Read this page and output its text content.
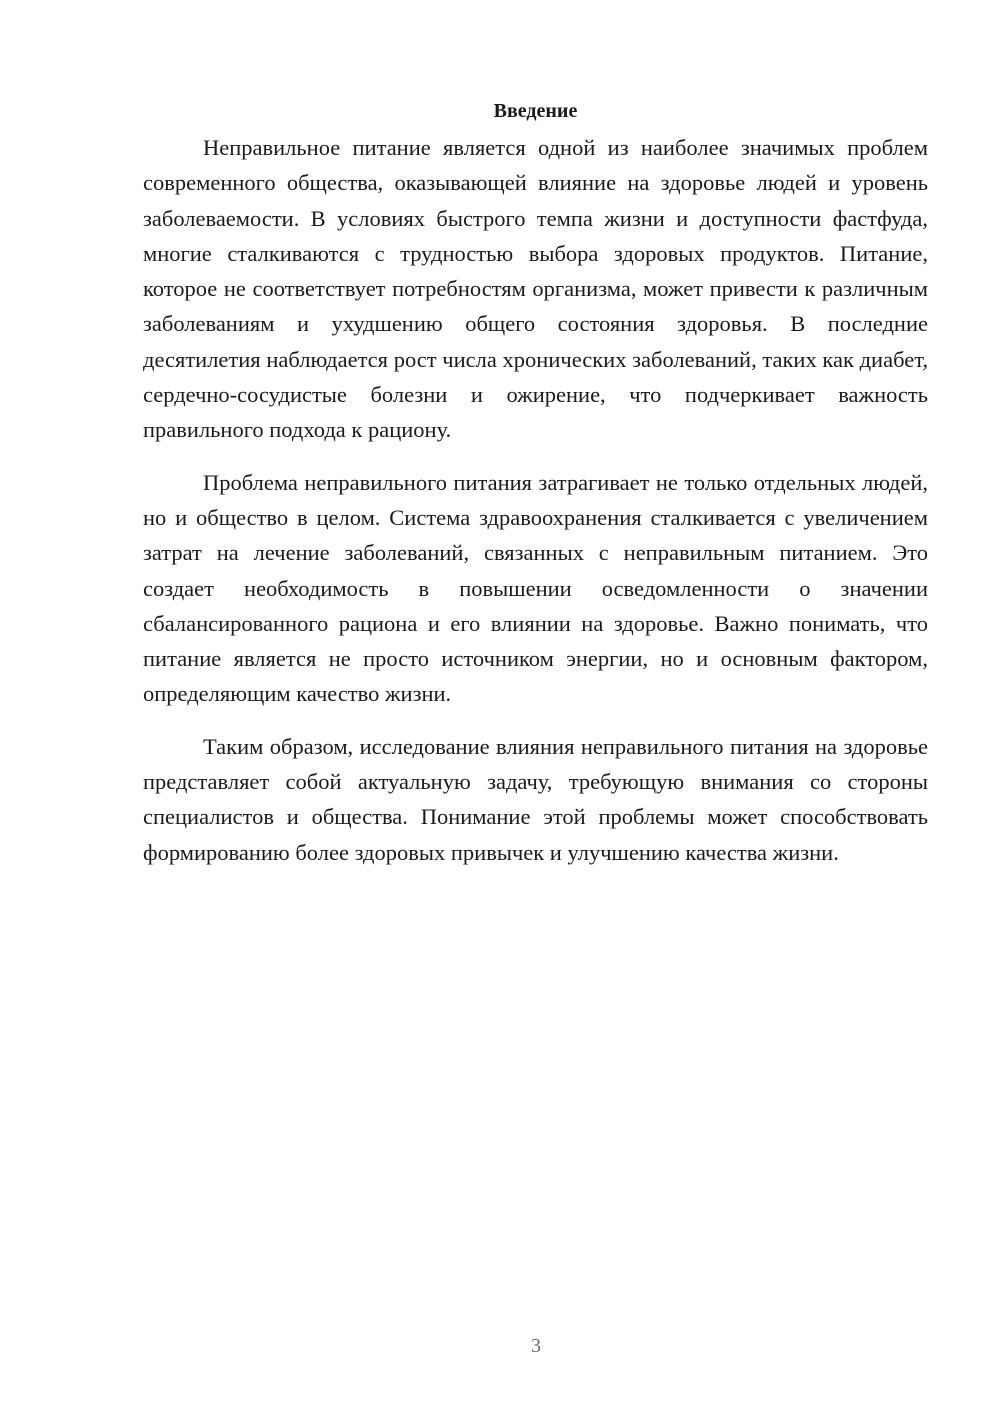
Введение

Неправильное питание является одной из наиболее значимых проблем современного общества, оказывающей влияние на здоровье людей и уровень заболеваемости. В условиях быстрого темпа жизни и доступности фастфуда, многие сталкиваются с трудностью выбора здоровых продуктов. Питание, которое не соответствует потребностям организма, может привести к различным заболеваниям и ухудшению общего состояния здоровья. В последние десятилетия наблюдается рост числа хронических заболеваний, таких как диабет, сердечно-сосудистые болезни и ожирение, что подчеркивает важность правильного подхода к рациону.

Проблема неправильного питания затрагивает не только отдельных людей, но и общество в целом. Система здравоохранения сталкивается с увеличением затрат на лечение заболеваний, связанных с неправильным питанием. Это создает необходимость в повышении осведомленности о значении сбалансированного рациона и его влиянии на здоровье. Важно понимать, что питание является не просто источником энергии, но и основным фактором, определяющим качество жизни.

Таким образом, исследование влияния неправильного питания на здоровье представляет собой актуальную задачу, требующую внимания со стороны специалистов и общества. Понимание этой проблемы может способствовать формированию более здоровых привычек и улучшению качества жизни.

3
